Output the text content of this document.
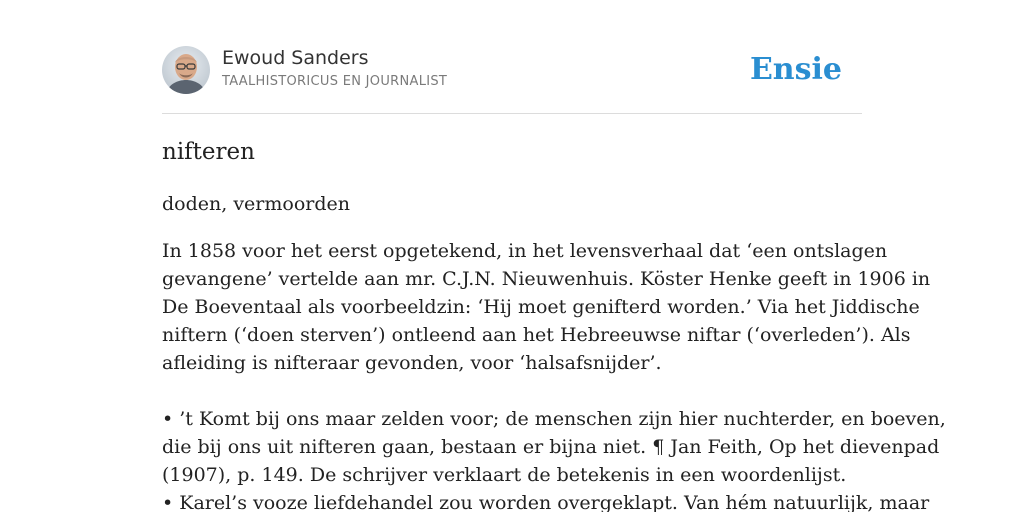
Ewoud Sanders
TAALHISTORICUS EN JOURNALIST	Ensie
nifteren
doden, vermoorden
In 1858 voor het eerst opgetekend, in het levensverhaal dat ‘een ontslagen
gevangene’ vertelde aan mr. C.J.N. Nieuwenhuis. Köster Henke geeft in 1906 in
De Boeventaal als voorbeeldzin: ‘Hij moet genifterd worden.’ Via het Jiddische
niftern (‘doen sterven’) ontleend aan het Hebreeuwse niftar (‘overleden’). Als
afleiding is nifteraar gevonden, voor ‘halsafsnijder’.
• ’t Komt bij ons maar zelden voor; de menschen zijn hier nuchterder, en boeven,
die bij ons uit nifteren gaan, bestaan er bijna niet. ¶ Jan Feith, Op het dievenpad
(1907), p. 149. De schrijver verklaart de betekenis in een woordenlijst.
• Karel’s vooze liefdehandel zou worden overgeklapt. Van hém natuurlijk, maar
